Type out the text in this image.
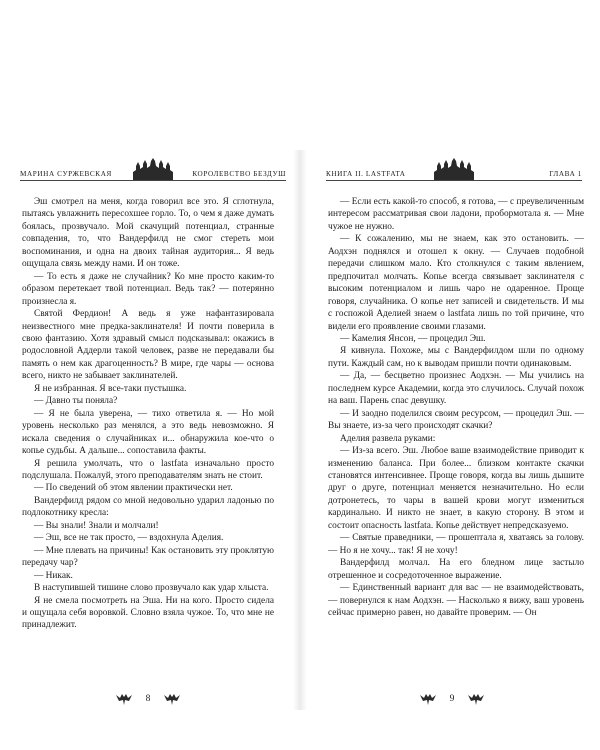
МАРИНА СУРЖЕВСКАЯ	КОРОЛЕВСТВО БЕЗДУШ

Эш смотрел на меня, когда говорил все это. Я сглотнула, пытаясь увлажнить пересохшее горло. То, о чем я даже думать боялась, прозвучало. Мой скачущий потенциал, странные совпадения, то, что Вандерфилд не смог стереть мои воспоминания, и одна на двоих тайная аудитория... Я ведь ощущала связь между нами. И он тоже.

— То есть я даже не случайник? Ко мне просто каким-то образом перетекает твой потенциал. Ведь так? — потерянно произнесла я.

Святой Фердион! А ведь я уже нафантазировала неизвестного мне предка-заклинателя! И почти поверила в свою фантазию. Хотя здравый смысл подсказывал: окажись в родословной Аддерли такой человек, разве не передавали бы память о нем как драгоценность? В мире, где чары — основа всего, никто не забывает заклинателей.

Я не избранная. Я все-таки пустышка.

— Давно ты поняла?

— Я не была уверена, — тихо ответила я. — Но мой уровень несколько раз менялся, а это ведь невозможно. Я искала сведения о случайниках и... обнаружила кое-что о копье судьбы. А дальше... сопоставила факты.

Я решила умолчать, что о lastfata изначально просто подслушала. Пожалуй, этого преподавателям знать не стоит.

— По сведений об этом явлении практически нет.

Вандерфилд рядом со мной недовольно ударил ладонью по подлокотнику кресла:

— Вы знали! Знали и молчали!

— Эш, все не так просто, — вздохнула Аделия.

— Мне плевать на причины! Как остановить эту проклятую передачу чар?

— Никак.

В наступившей тишине слово прозвучало как удар хлыста.

Я не смела посмотреть на Эша. Ни на кого. Просто сидела и ощущала себя воровкой. Словно взяла чужое. То, что мне не принадлежит.

8
КНИГА II. LASTFATA	ГЛАВА 1

— Если есть какой-то способ, я готова, — с преувеличенным интересом рассматривая свои ладони, пробормотала я. — Мне чужое не нужно.

— К сожалению, мы не знаем, как это остановить. — Аодхэн поднялся и отошел к окну. — Случаев подобной передачи слишком мало. Кто столкнулся с таким явлением, предпочитал молчать. Копье всегда связывает заклинателя с высоким потенциалом и лишь чаро не одаренное. Проще говоря, случайника. О копье нет записей и свидетельств. И мы с госпожой Аделией знаем о lastfata лишь по той причине, что видели его проявление своими глазами.

— Камелия Янсон, — процедил Эш.

Я кивнула. Похоже, мы с Вандерфилдом шли по одному пути. Каждый сам, но к выводам пришли почти одинаковым.

— Да, — бесцветно произнес Аодхэн. — Мы учились на последнем курсе Академии, когда это случилось. Случай похож на ваш. Парень спас девушку.

— И заодно поделился своим ресурсом, — процедил Эш. — Вы знаете, из-за чего происходят скачки?

Аделия развела руками:

— Из-за всего. Эш. Любое ваше взаимодействие приводит к изменению баланса. При более... близком контакте скачки становятся интенсивнее. Проще говоря, когда вы лишь дышите друг о друге, потенциал меняется незначительно. Но если дотронетесь, то чары в вашей крови могут измениться кардинально. И никто не знает, в какую сторону. В этом и состоит опасность lastfata. Копье действует непредсказуемо.

— Святые праведники, — прошептала я, хватаясь за голову. — Но я не хочу... так! Я не хочу!

Вандерфилд молчал. На его бледном лице застыло отрешенное и сосредоточенное выражение.

— Единственный вариант для вас — не взаимодействовать, — повернулся к нам Аодхэн. — Насколько я вижу, ваш уровень сейчас примерно равен, но давайте проверим. — Он

9
